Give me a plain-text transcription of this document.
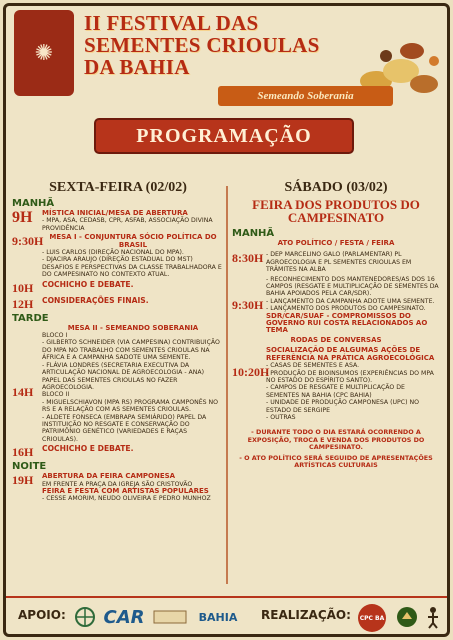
✺
II FESTIVAL DAS
SEMENTES CRIOULAS
DA BAHIA
Semeando Soberania
PROGRAMAÇÃO
SEXTA-FEIRA (02/02)
MANHÃ
9H	MÍSTICA INICIAL/MESA DE ABERTURA
- MPA, ASA, CEDASB, CPR, ASFAB, ASSOCIAÇÃO DIVINA PROVIDÊNCIA
9:30H MESA I - CONJUNTURA SÓCIO POLÍTICA DO BRASIL
- LUIS CARLOS (DIREÇÃO NACIONAL DO MPA).
- DJACIRA ARAUJO (DIREÇÃO ESTADUAL DO MST) DESAFIOS E PERSPECTIVAS DA CLASSE TRABALHADORA E DO CAMPESINATO NO CONTEXTO ATUAL.
10H	COCHICHO E DEBATE.
12H	CONSIDERAÇÕES FINAIS.
TARDE
14H
MESA II - SEMEANDO SOBERANIA
BLOCO I
- GILBERTO SCHNEIDER (VIA CAMPESINA) CONTRIBUIÇÃO DO MPA NO TRABALHO COM SEMENTES CRIOULAS NA ÁFRICA E A CAMPANHA SADOTE UMA SEMENTE.
- FLÁVIA LONDRES (SECRETARIA EXECUTIVA DA ARTICULAÇÃO NACIONAL DE AGROECOLOGIA - ANA) PAPEL DAS SEMENTES CRIOULAS NO FAZER AGROECOLOGIA.
BLOCO II
- MIGUELSCHIAVON (MPA RS) PROGRAMA CAMPONÊS NO RS E A RELAÇÃO COM AS SEMENTES CRIOULAS.
- ALDETE FONSECA (EMBRAPA SEMIÁRIDO) PAPEL DA INSTITUIÇÃO NO RESGATE E CONSERVAÇÃO DO PATRIMÔNIO GENÉTICO (VARIEDADES E RAÇAS CRIOULAS).
16H	COCHICHO E DEBATE.
NOITE
19H	ABERTURA DA FEIRA CAMPONESA
EM FRENTE A PRAÇA DA IGREJA SÃO CRISTOVÃO
FEIRA E FESTA COM ARTISTAS POPULARES
- CESSE AMORIM, NEUDO OLIVEIRA E PEDRO MUNHOZ
SÁBADO (03/02)
FEIRA DOS PRODUTOS DO CAMPESINATO
MANHÃ
ATO POLÍTICO / FESTA / FEIRA
8:30H - DEP MARCELINO GALO (PARLAMENTAR) PL AGROECOLOGIA E PL SEMENTES CRIOULAS EM TRÂMITES NA ALBA
9:30H
- RECONHECIMENTO DOS MANTENEDORES/AS DOS 16 CAMPOS (RESGATE E MULTIPLICAÇÃO DE SEMENTES DA BAHIA APOIADOS PELA CAR/SDR).
- LANÇAMENTO DA CAMPANHA ADOTE UMA SEMENTE.
- LANÇAMENTO DOS PRODUTOS DO CAMPESINATO.
SDR/CAR/SUAF - COMPROMISSOS DO GOVERNO RUI COSTA RELACIONADOS AO TEMA
RODAS DE CONVERSAS
10:20H
SOCIALIZAÇÃO DE ALGUMAS AÇÕES DE REFERÊNCIA NA PRÁTICA AGROECOLÓGICA
- CASAS DE SEMENTES E ASA.
- PRODUÇÃO DE BIOINSUMOS (EXPERIÊNCIAS DO MPA NO ESTADO DO ESPÍRITO SANTO).
- CAMPOS DE RESGATE E MULTIPLICAÇÃO DE SEMENTES NA BAHIA (CPC BAHIA)
- UNIDADE DE PRODUÇÃO CAMPONESA (UPC) NO ESTADO DE SERGIPE
- OUTRAS
- DURANTE TODO O DIA ESTARÁ OCORRENDO A EXPOSIÇÃO, TROCA E VENDA DOS PRODUTOS DO CAMPESINATO.
- O ATO POLÍTICO SERÁ SEGUIDO DE APRESENTAÇÕES ARTÍSTICAS CULTURAIS
APOIO: CAR	BAHIA REALIZAÇÃO: CPC BA
